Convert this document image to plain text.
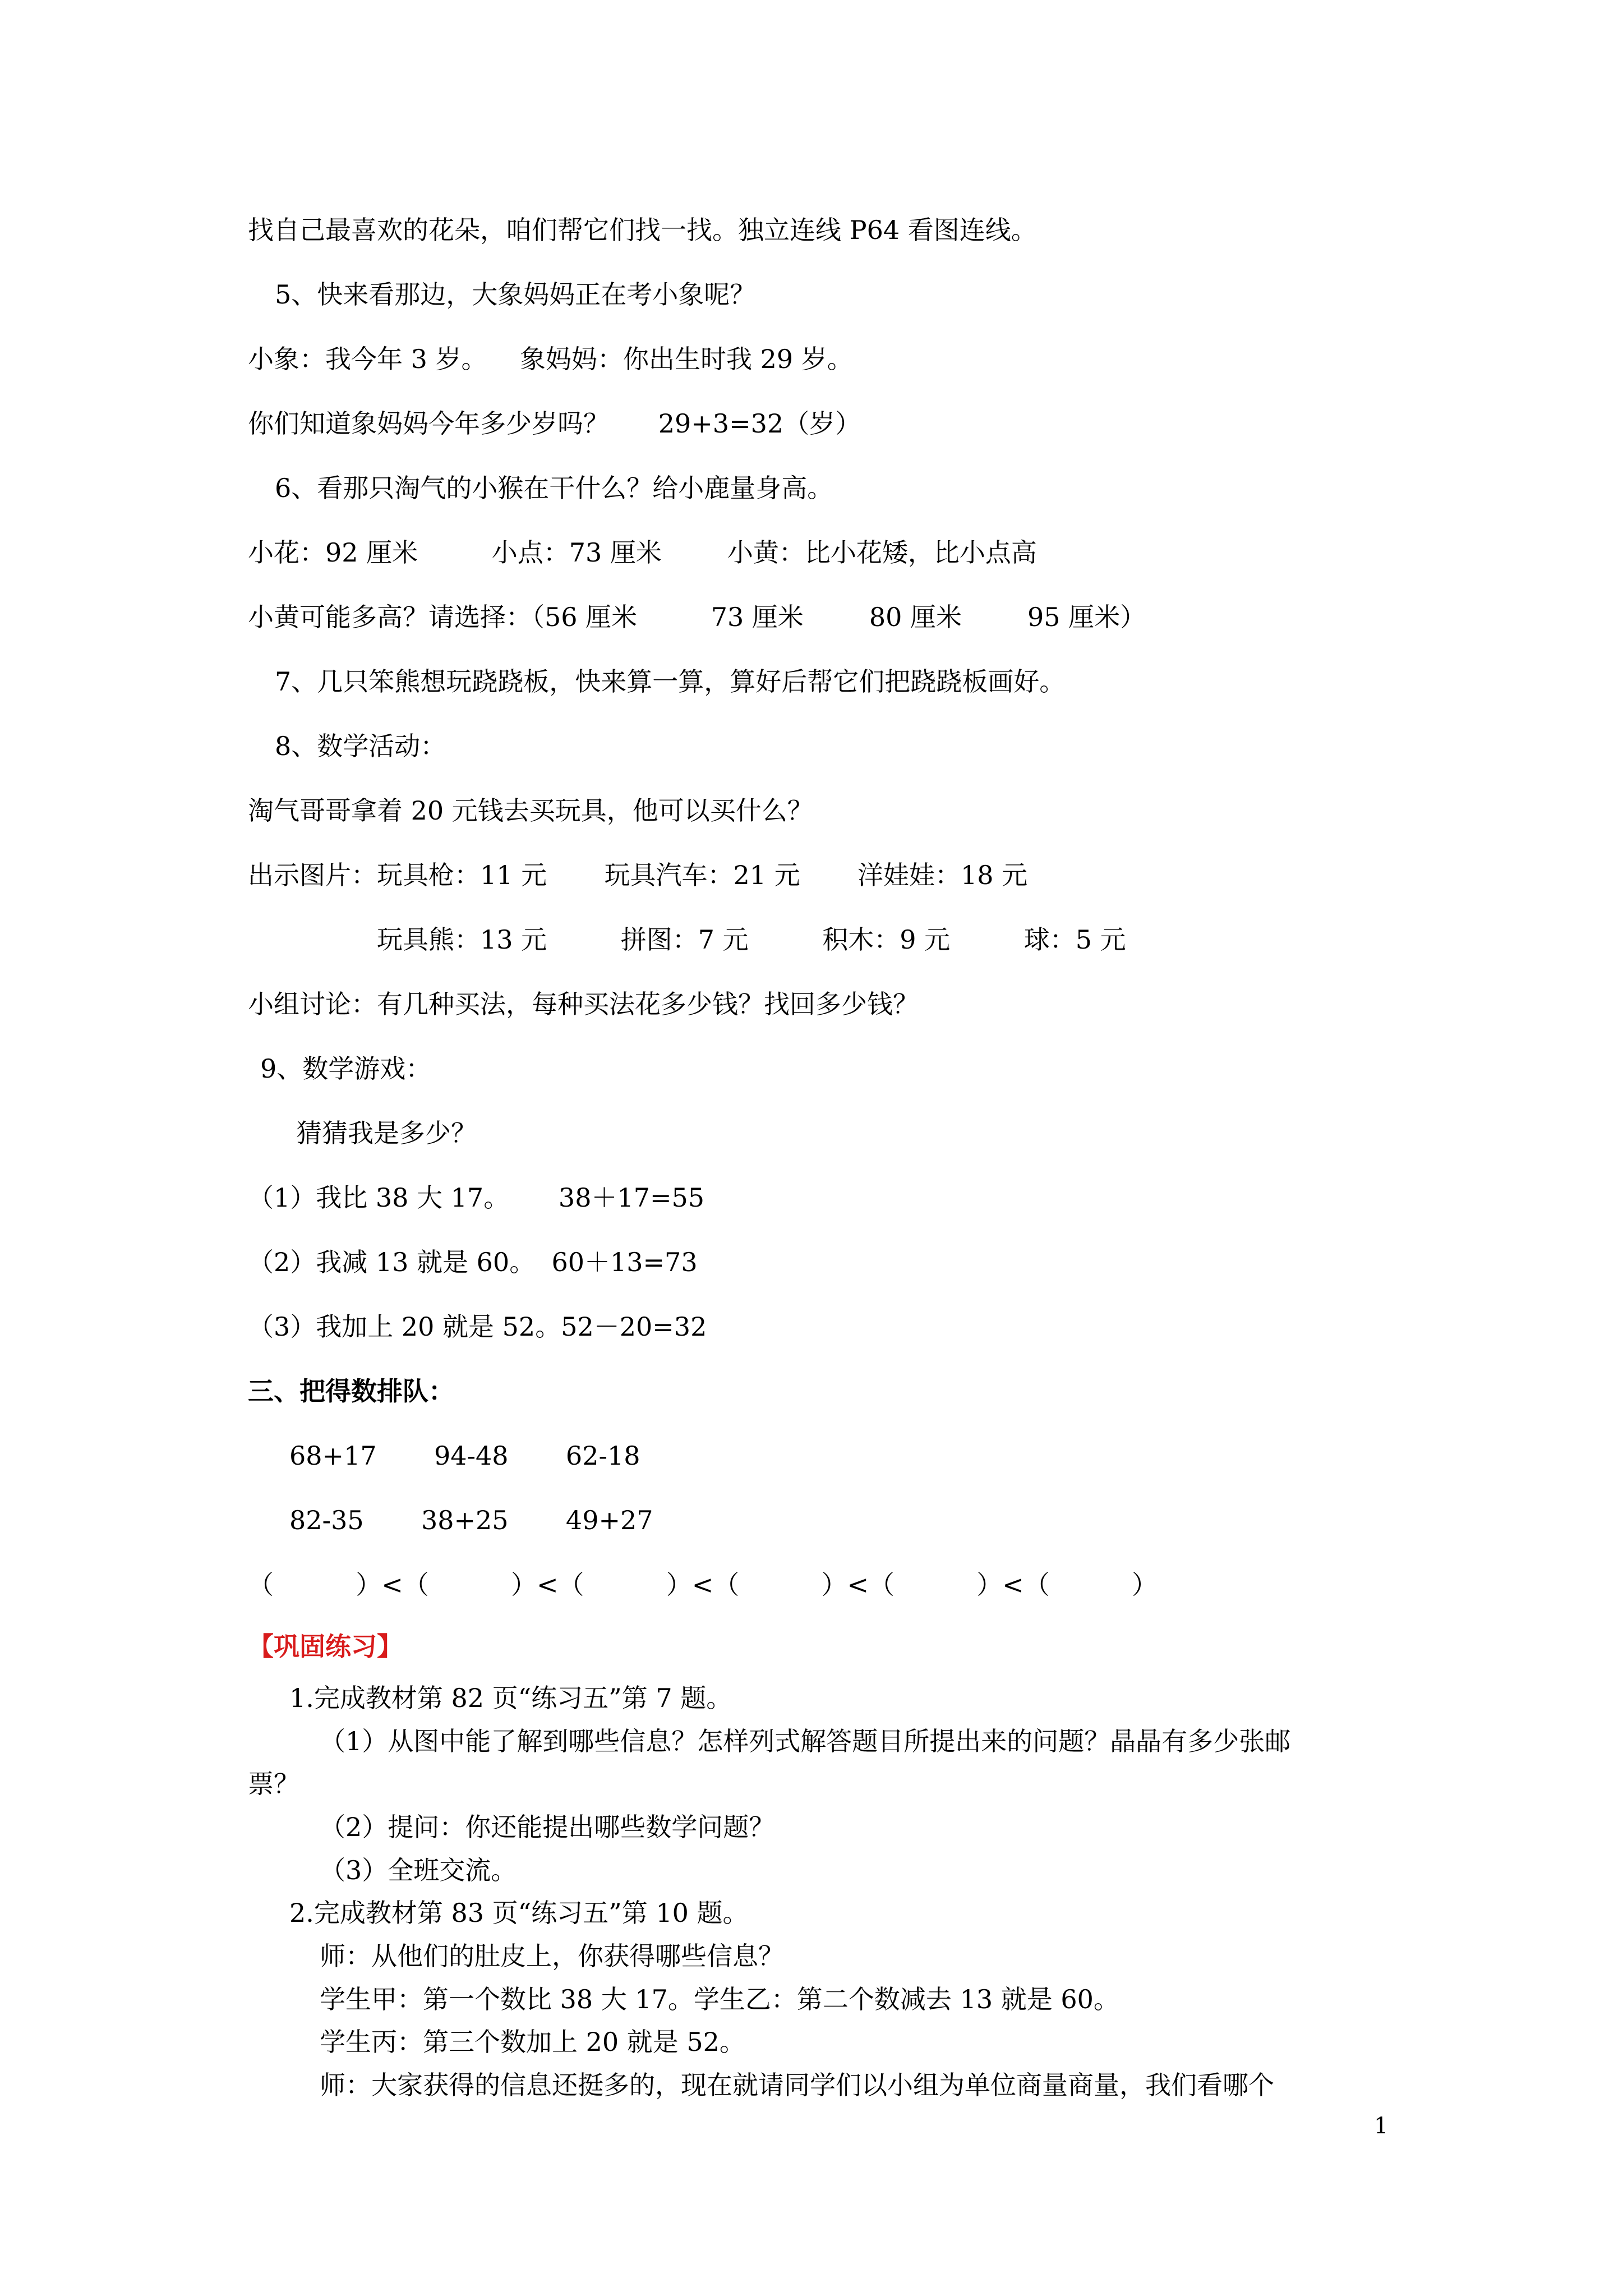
找自己最喜欢的花朵，咱们帮它们找一找。独立连线 P64 看图连线。

5、快来看那边，大象妈妈正在考小象呢？

小象：我今年 3 岁。    象妈妈：你出生时我 29 岁。

你们知道象妈妈今年多少岁吗？      29+3=32（岁）

6、看那只淘气的小猴在干什么？给小鹿量身高。

小花：92 厘米         小点：73 厘米        小黄：比小花矮，比小点高

小黄可能多高？请选择：（56 厘米         73 厘米        80 厘米        95 厘米）

7、几只笨熊想玩跷跷板，快来算一算，算好后帮它们把跷跷板画好。

8、数学活动：

淘气哥哥拿着 20 元钱去买玩具，他可以买什么？

出示图片：玩具枪：11 元       玩具汽车：21 元       洋娃娃：18 元

玩具熊：13 元         拼图：7 元         积木：9 元         球：5 元

小组讨论：有几种买法，每种买法花多少钱？找回多少钱？

9、数学游戏：

猜猜我是多少？

（1）我比 38 大 17。      38＋17=55

（2）我减 13 就是 60。  60＋13=73

（3）我加上 20 就是 52。52－20=32

三、把得数排队：

68+17       94-48       62-18

82-35       38+25       49+27

（          ）<（          ）<（          ）<（          ）<（          ）<（          ）

【巩固练习】

1.完成教材第 82 页“练习五”第 7 题。

（1）从图中能了解到哪些信息？怎样列式解答题目所提出来的问题？晶晶有多少张邮

票？

（2）提问：你还能提出哪些数学问题？

（3）全班交流。

2.完成教材第 83 页“练习五”第 10 题。

师：从他们的肚皮上，你获得哪些信息？

学生甲：第一个数比 38 大 17。学生乙：第二个数减去 13 就是 60。

学生丙：第三个数加上 20 就是 52。

师：大家获得的信息还挺多的，现在就请同学们以小组为单位商量商量，我们看哪个

1
